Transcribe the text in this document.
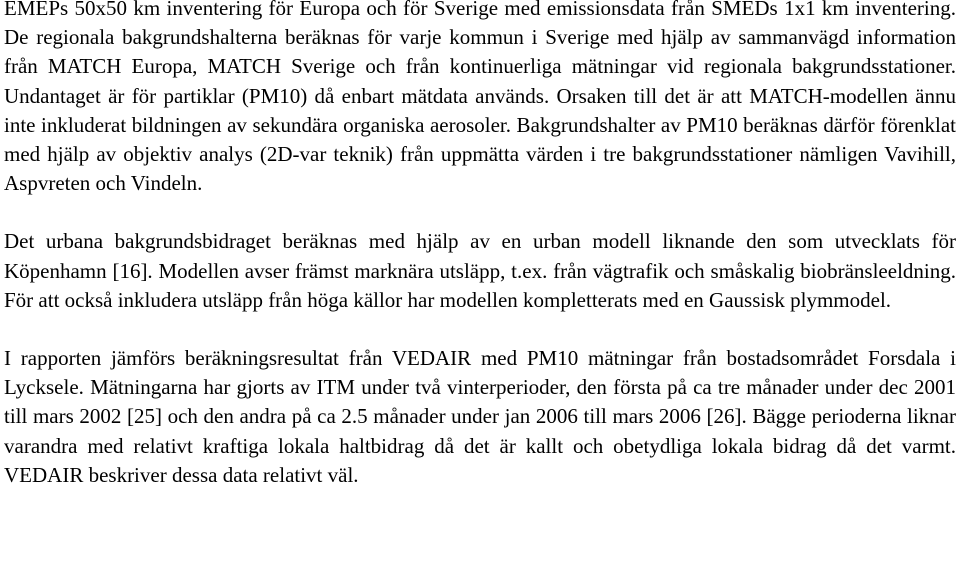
EMEPs 50x50 km inventering för Europa och för Sverige med emissionsdata från SMEDs 1x1 km inventering. De regionala bakgrundshalterna beräknas för varje kommun i Sverige med hjälp av sammanvägd information från MATCH Europa, MATCH Sverige och från kontinuerliga mätningar vid regionala bakgrundsstationer. Undantaget är för partiklar (PM10) då enbart mätdata används. Orsaken till det är att MATCH-modellen ännu inte inkluderat bildningen av sekundära organiska aerosoler. Bakgrundshalter av PM10 beräknas därför förenklat med hjälp av objektiv analys (2D-var teknik) från uppmätta värden i tre bakgrundsstationer nämligen Vavihill, Aspvreten och Vindeln.

Det urbana bakgrundsbidraget beräknas med hjälp av en urban modell liknande den som utvecklats för Köpenhamn [16]. Modellen avser främst marknära utsläpp, t.ex. från vägtrafik och småskalig biobränsleeldning. För att också inkludera utsläpp från höga källor har modellen kompletterats med en Gaussisk plymmodel.

I rapporten jämförs beräkningsresultat från VEDAIR med PM10 mätningar från bostadsområdet Forsdala i Lycksele. Mätningarna har gjorts av ITM under två vinterperioder, den första på ca tre månader under dec 2001 till mars 2002 [25] och den andra på ca 2.5 månader under jan 2006 till mars 2006 [26]. Bägge perioderna liknar varandra med relativt kraftiga lokala haltbidrag då det är kallt och obetydliga lokala bidrag då det varmt. VEDAIR beskriver dessa data relativt väl.
